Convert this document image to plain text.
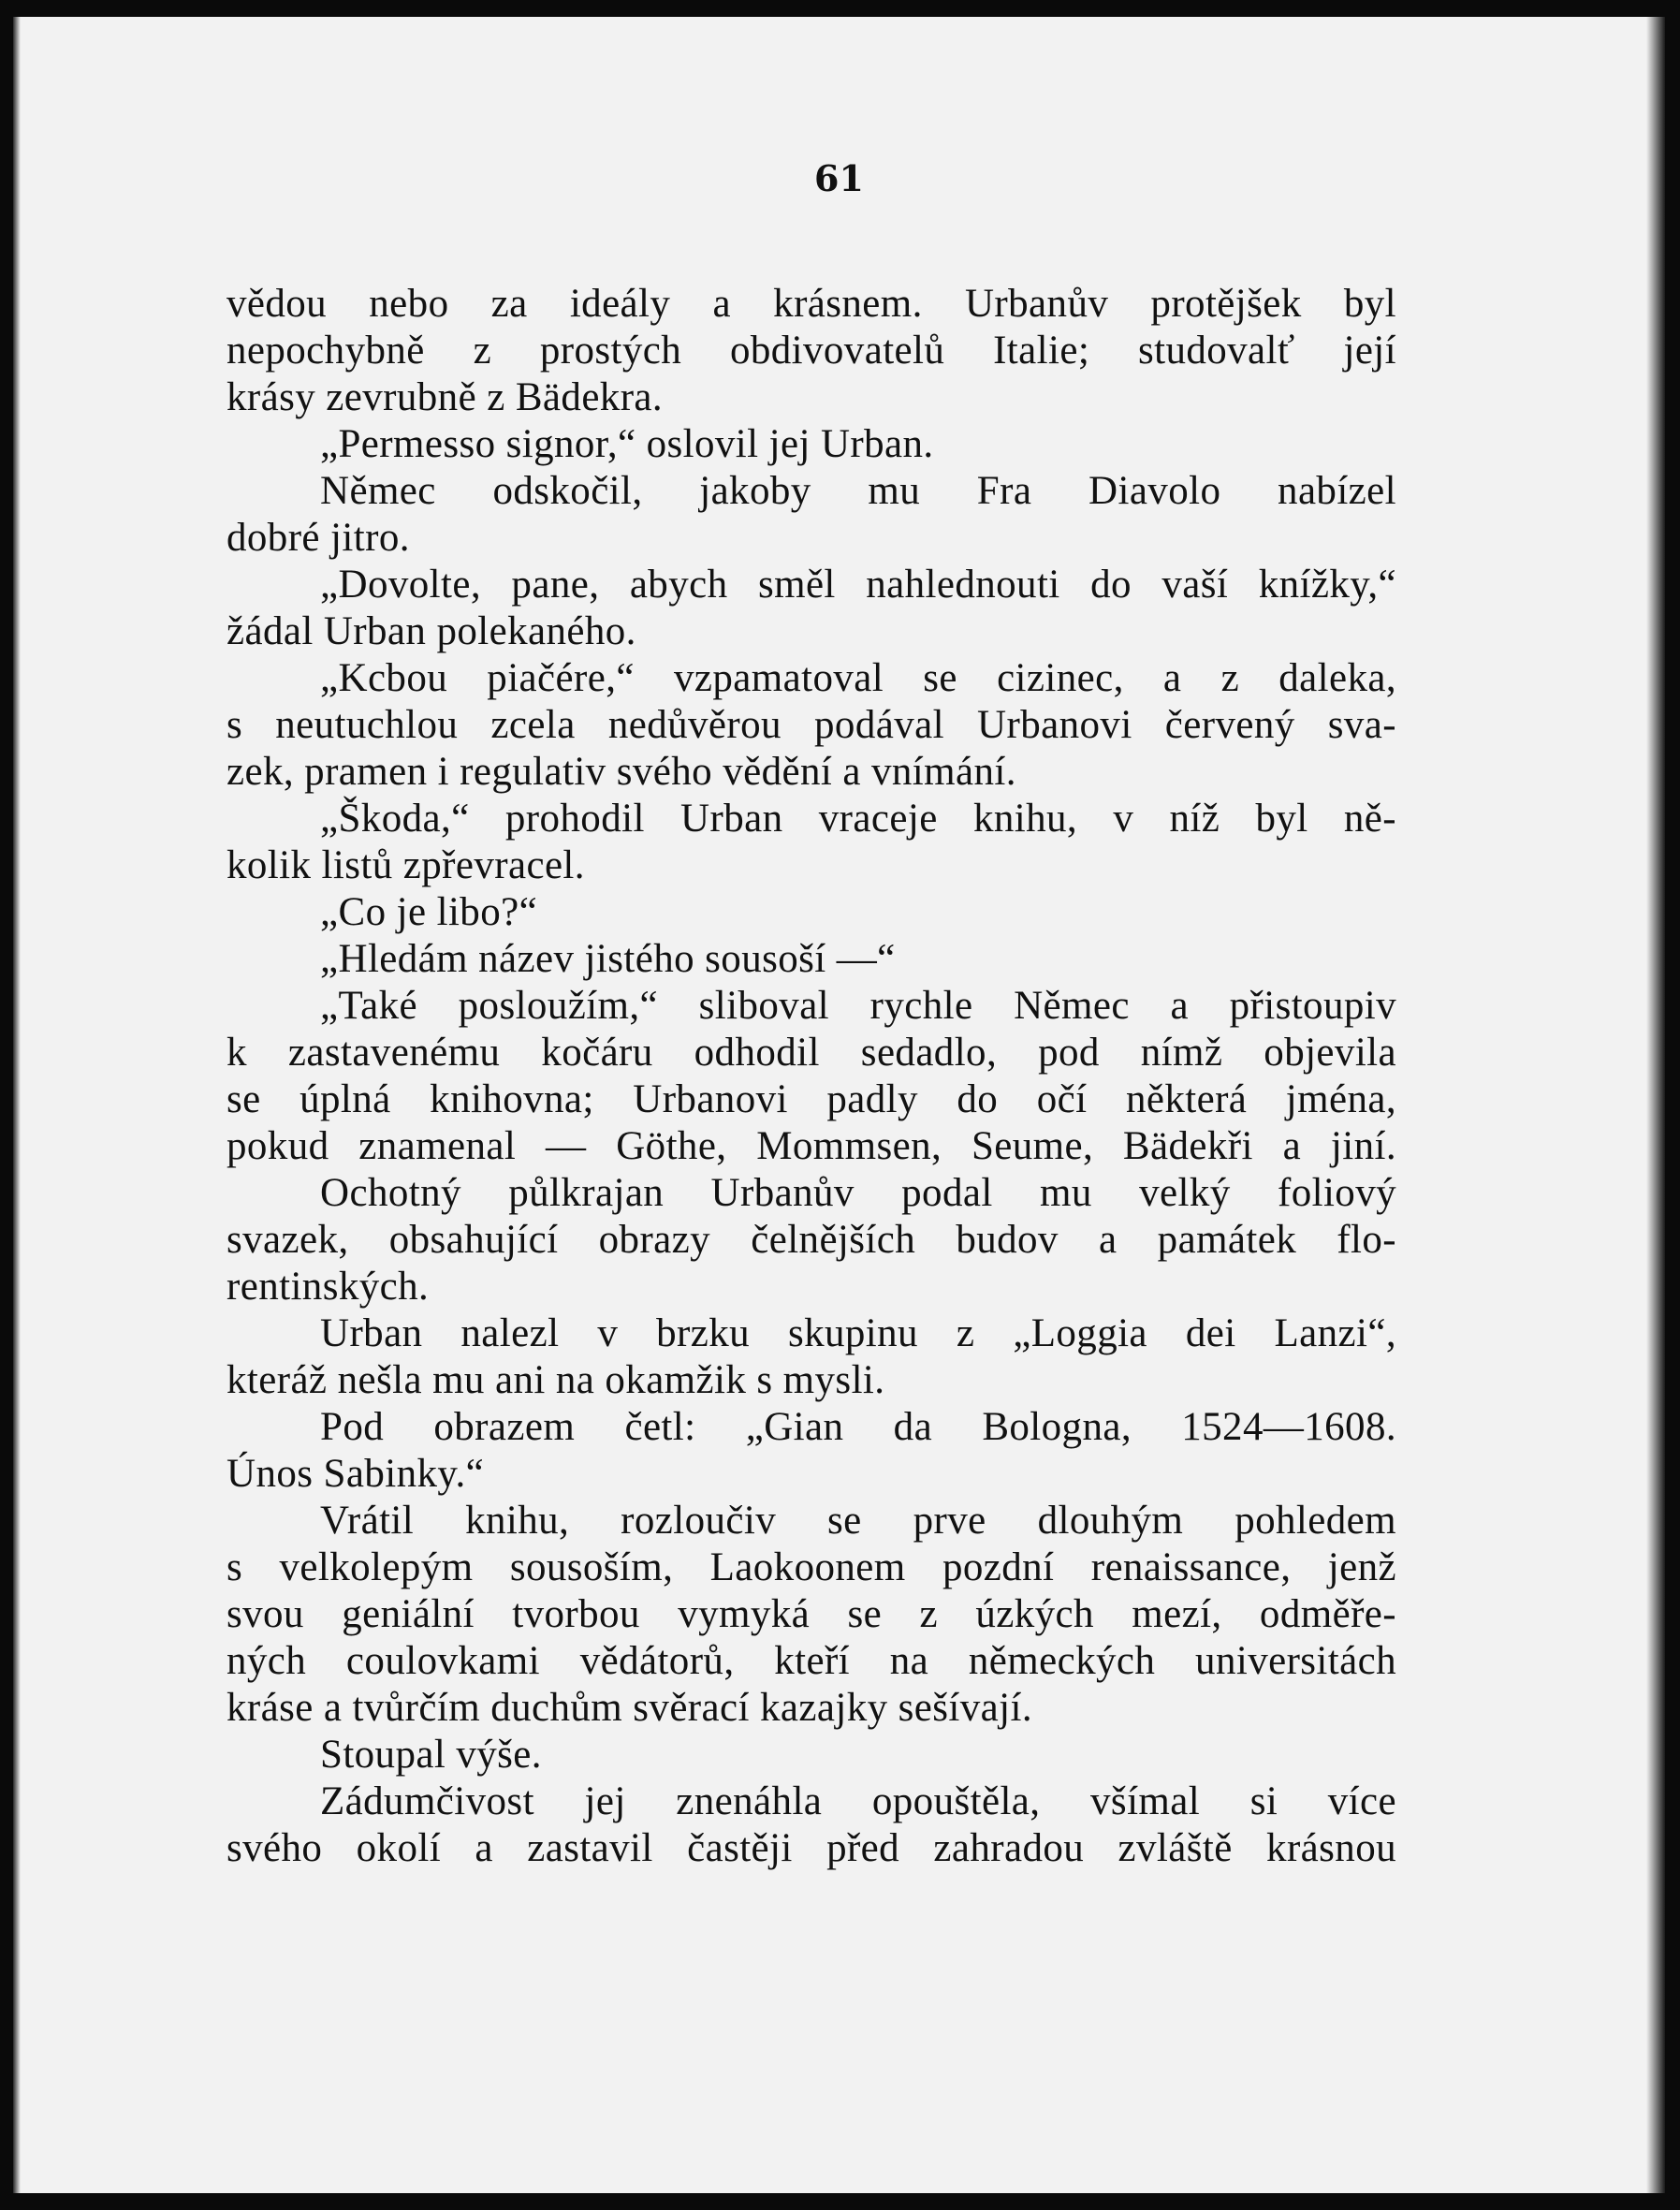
61
vědou nebo za ideály a krásnem. Urbanův protějšek byl
nepochybně z prostých obdivovatelů Italie; studovalť její
krásy zevrubně z Bädekra.
„Permesso signor,“ oslovil jej Urban.
Němec odskočil, jakoby mu Fra Diavolo nabízel
dobré jitro.
„Dovolte, pane, abych směl nahlednouti do vaší knížky,“
žádal Urban polekaného.
„Kcbou piačére,“ vzpamatoval se cizinec, a z daleka,
s neutuchlou zcela nedůvěrou podával Urbanovi červený sva-
zek, pramen i regulativ svého vědění a vnímání.
„Škoda,“ prohodil Urban vraceje knihu, v níž byl ně-
kolik listů zpřevracel.
„Co je libo?“
„Hledám název jistého sousoší —“
„Také posloužím,“ sliboval rychle Němec a přistoupiv
k zastavenému kočáru odhodil sedadlo, pod nímž objevila
se úplná knihovna; Urbanovi padly do očí některá jména,
pokud znamenal — Göthe, Mommsen, Seume, Bädekři a jiní.
Ochotný půlkrajan Urbanův podal mu velký foliový
svazek, obsahující obrazy čelnějších budov a památek flo-
rentinských.
Urban nalezl v brzku skupinu z „Loggia dei Lanzi“,
kteráž nešla mu ani na okamžik s mysli.
Pod obrazem četl: „Gian da Bologna, 1524—1608.
Únos Sabinky.“
Vrátil knihu, rozloučiv se prve dlouhým pohledem
s velkolepým sousoším, Laokoonem pozdní renaissance, jenž
svou geniální tvorbou vymyká se z úzkých mezí, odměře-
ných coulovkami vědátorů, kteří na německých universitách
kráse a tvůrčím duchům svěrací kazajky sešívají.
Stoupal výše.
Zádumčivost jej znenáhla opouštěla, všímal si více
svého okolí a zastavil častěji před zahradou zvláště krásnou
